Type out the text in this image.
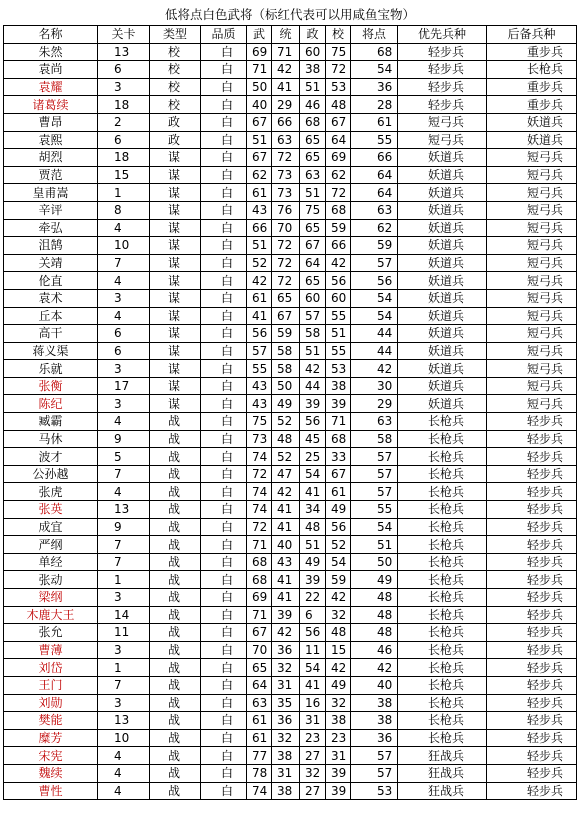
低将点白色武将（标红代表可以用咸鱼宝物）										
名称	关卡	类型	品质	武	统	政	校	将点	优先兵种	后备兵种
朱然	13	校	白	69	71	60	75	68	轻步兵	重步兵
袁尚	6	校	白	71	42	38	72	54	轻步兵	长枪兵
袁耀	3	校	白	50	41	51	53	36	轻步兵	重步兵
诸葛续	18	校	白	40	29	46	48	28	轻步兵	重步兵
曹昂	2	政	白	67	66	68	67	61	短弓兵	妖道兵
袁熙	6	政	白	51	63	65	64	55	短弓兵	妖道兵
胡烈	18	谋	白	67	72	65	69	66	妖道兵	短弓兵
贾范	15	谋	白	62	73	63	62	64	妖道兵	短弓兵
皇甫嵩	1	谋	白	61	73	51	72	64	妖道兵	短弓兵
辛评	8	谋	白	43	76	75	68	63	妖道兵	短弓兵
牵弘	4	谋	白	66	70	65	59	62	妖道兵	短弓兵
沮鹄	10	谋	白	51	72	67	66	59	妖道兵	短弓兵
关靖	7	谋	白	52	72	64	42	57	妖道兵	短弓兵
伦直	4	谋	白	42	72	65	56	56	妖道兵	短弓兵
袁术	3	谋	白	61	65	60	60	54	妖道兵	短弓兵
丘本	4	谋	白	41	67	57	55	54	妖道兵	短弓兵
高干	6	谋	白	56	59	58	51	44	妖道兵	短弓兵
蒋义渠	6	谋	白	57	58	51	55	44	妖道兵	短弓兵
乐就	3	谋	白	55	58	42	53	42	妖道兵	短弓兵
张衡	17	谋	白	43	50	44	38	30	妖道兵	短弓兵
陈纪	3	谋	白	43	49	39	39	29	妖道兵	短弓兵
臧霸	4	战	白	75	52	56	71	63	长枪兵	轻步兵
马休	9	战	白	73	48	45	68	58	长枪兵	轻步兵
波才	5	战	白	74	52	25	33	57	长枪兵	轻步兵
公孙越	7	战	白	72	47	54	67	57	长枪兵	轻步兵
张虎	4	战	白	74	42	41	61	57	长枪兵	轻步兵
张英	13	战	白	74	41	34	49	55	长枪兵	轻步兵
成宜	9	战	白	72	41	48	56	54	长枪兵	轻步兵
严纲	7	战	白	71	40	51	52	51	长枪兵	轻步兵
单经	7	战	白	68	43	49	54	50	长枪兵	轻步兵
张动	1	战	白	68	41	39	59	49	长枪兵	轻步兵
梁纲	3	战	白	69	41	22	42	48	长枪兵	轻步兵
木鹿大王	14	战	白	71	39	6	32	48	长枪兵	轻步兵
张允	11	战	白	67	42	56	48	48	长枪兵	轻步兵
曹薄	3	战	白	70	36	11	15	46	长枪兵	轻步兵
刘岱	1	战	白	65	32	54	42	42	长枪兵	轻步兵
王门	7	战	白	64	31	41	49	40	长枪兵	轻步兵
刘勋	3	战	白	63	35	16	32	38	长枪兵	轻步兵
樊能	13	战	白	61	36	31	38	38	长枪兵	轻步兵
糜芳	10	战	白	61	32	23	23	36	长枪兵	轻步兵
宋宪	4	战	白	77	38	27	31	57	狂战兵	轻步兵
魏续	4	战	白	78	31	32	39	57	狂战兵	轻步兵
曹性	4	战	白	74	38	27	39	53	狂战兵	轻步兵
